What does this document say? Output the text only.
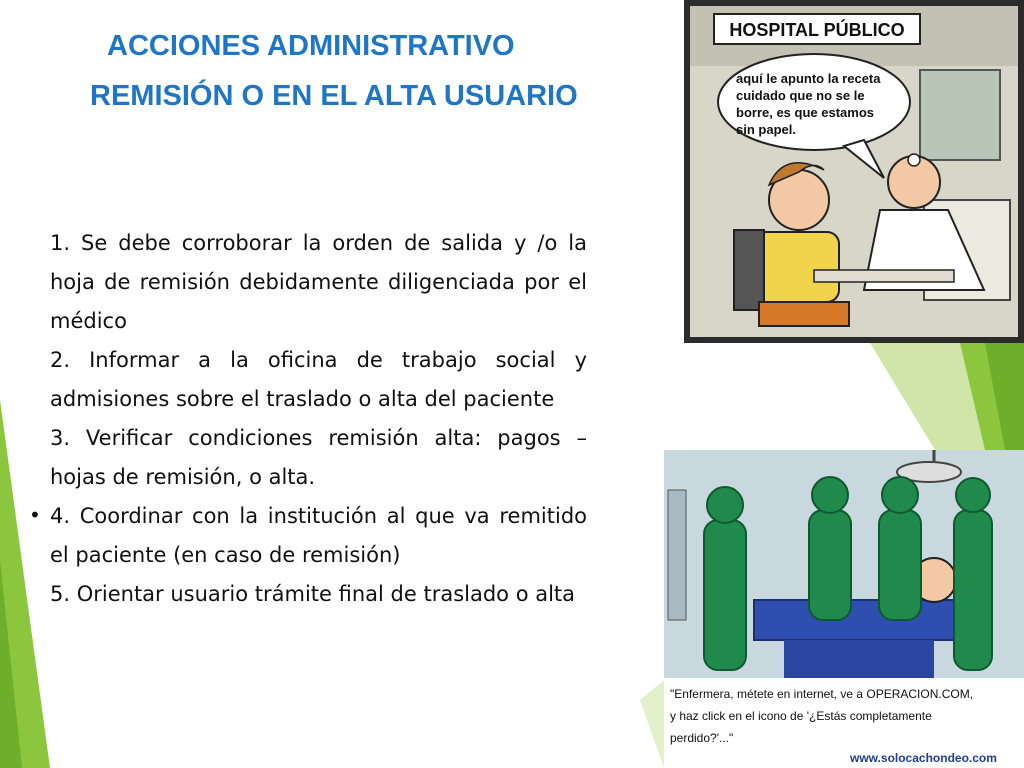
ACCIONES ADMINISTRATIVO
REMISIÓN O EN EL ALTA USUARIO
•

1. Se debe corroborar la orden de salida y /o la hoja de remisión debidamente diligenciada por el médico

2. Informar a la oficina de trabajo social y admisiones sobre el traslado o alta del paciente

3. Verificar condiciones remisión alta: pagos – hojas de remisión, o alta.

4. Coordinar con la institución al que va remitido el paciente (en caso de remisión)

5. Orientar usuario trámite final de traslado o alta

HOSPITAL PÚBLICO
aquí le apunto la receta
cuidado que no se le
borre, es que estamos
sin papel.
"Enfermera, métete en internet, ve a OPERACION.COM,
y haz click en el icono de '¿Estás completamente
perdido?'..."
www.solocachondeo.com
